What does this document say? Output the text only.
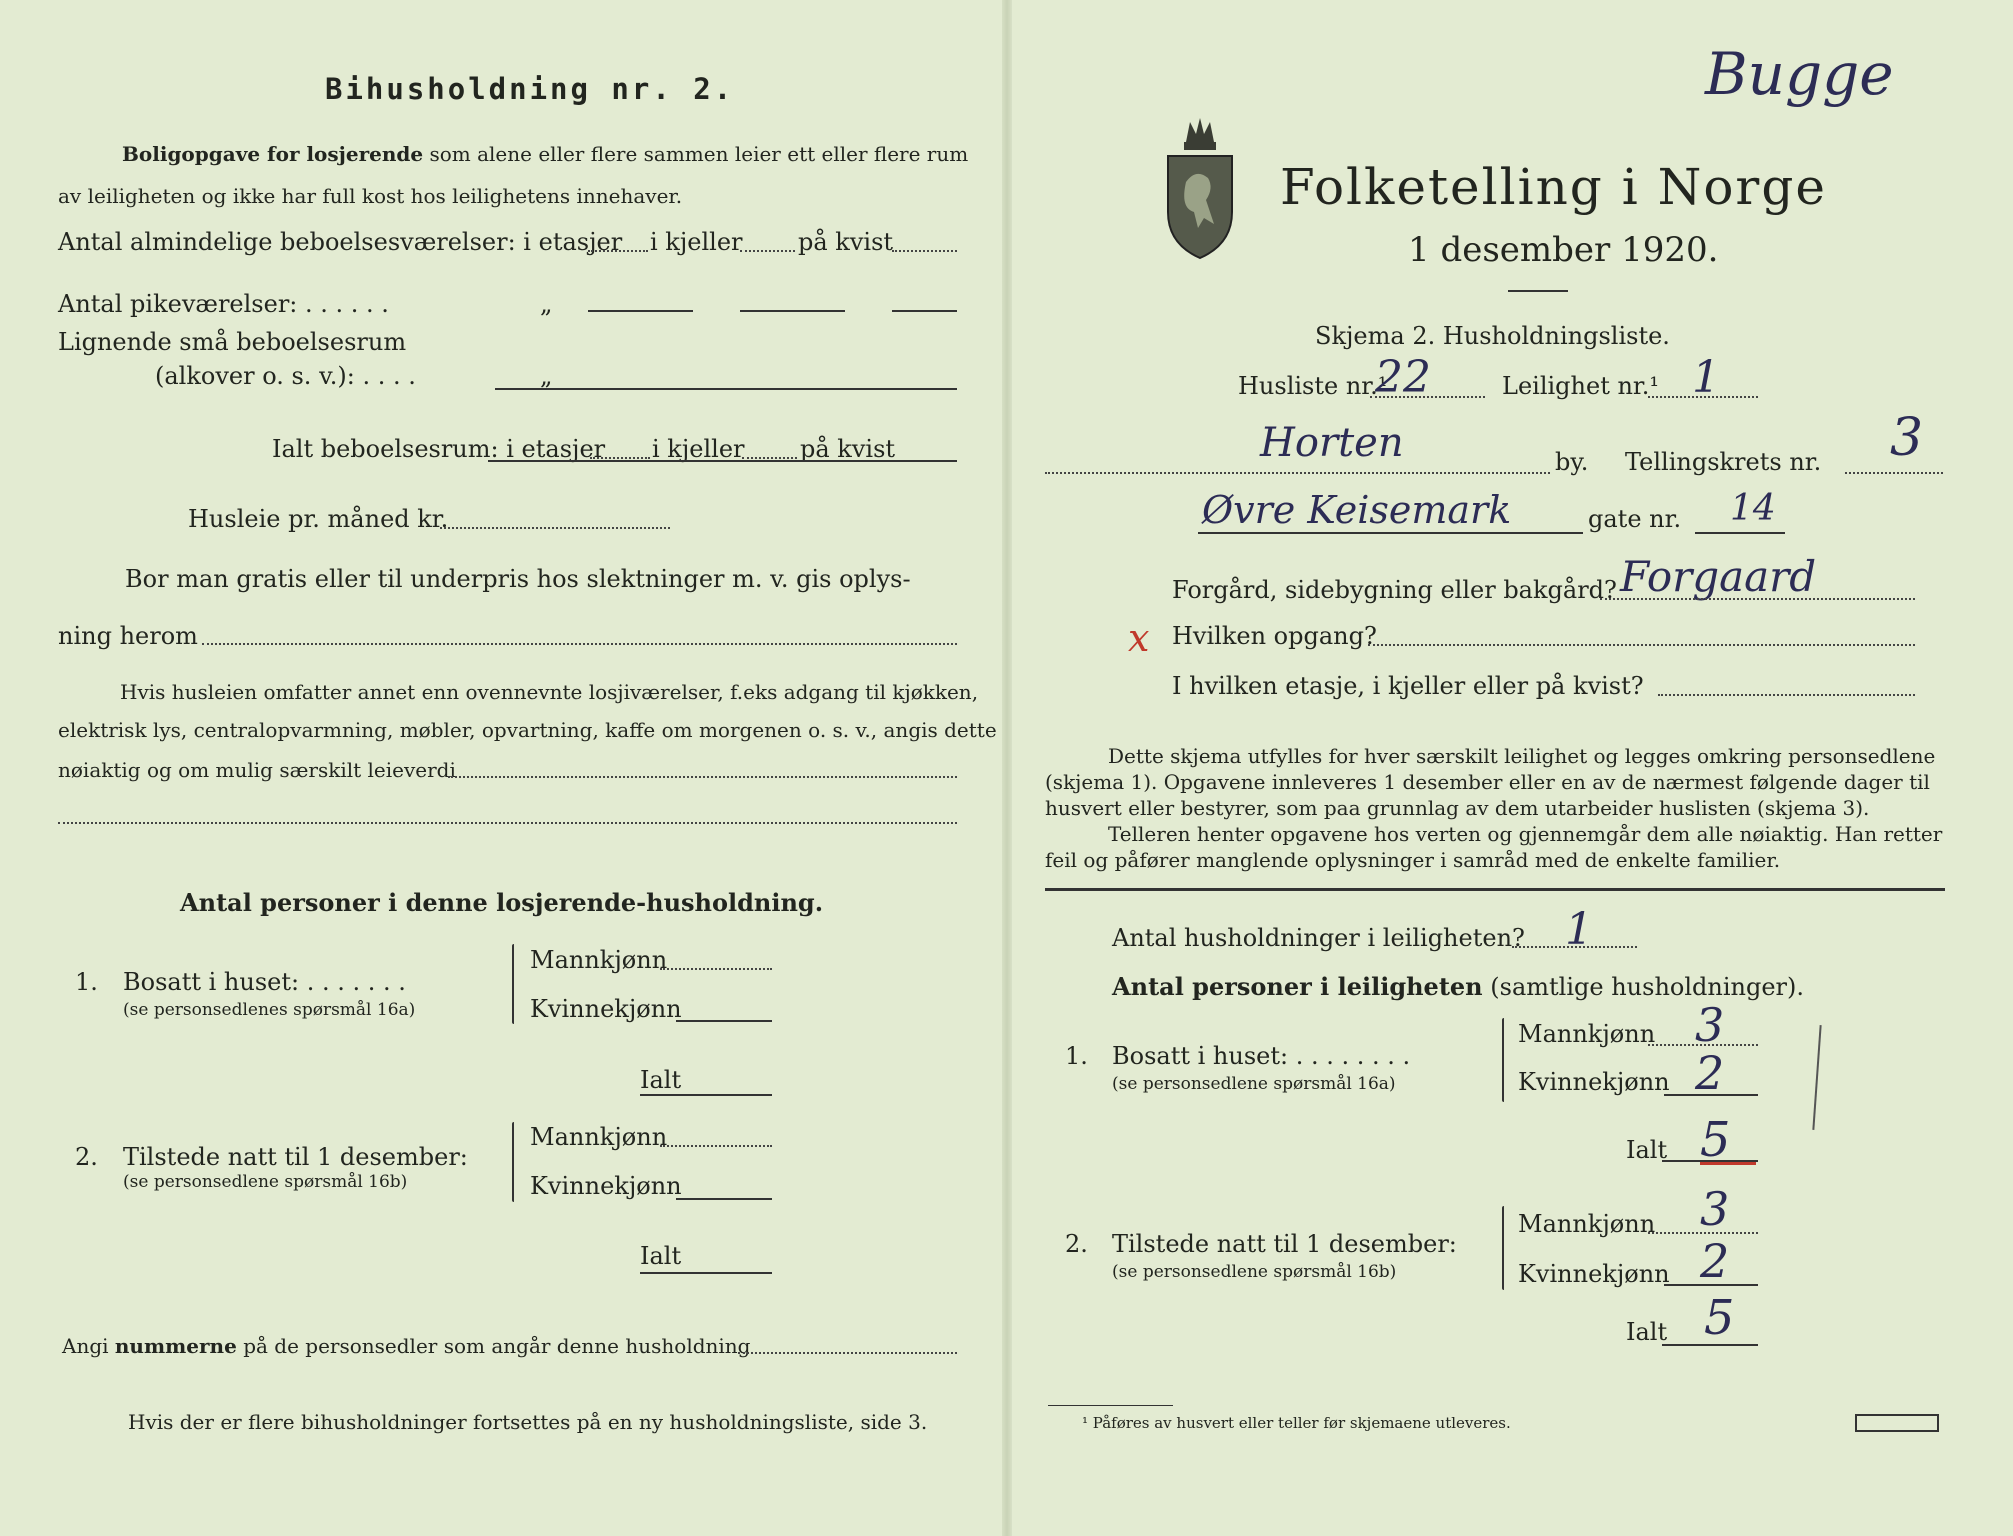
Bihusholdning nr. 2.
Boligopgave for losjerende som alene eller flere sammen leier ett eller flere rum
av leiligheten og ikke har full kost hos leilighetens innehaver.
Antal almindelige beboelsesværelser: i etasjer i kjeller på kvist
Antal pikeværelser: . . . . . .	„
Lignende små beboelsesrum
(alkover o. s. v.): . . . .	„
Ialt beboelsesrum: i etasjer i kjeller på kvist
Husleie pr. måned kr.
Bor man gratis eller til underpris hos slektninger m. v. gis oplys-
ning herom
Hvis husleien omfatter annet enn ovennevnte losjiværelser, f.eks adgang til kjøkken,
elektrisk lys, centralopvarmning, møbler, opvartning, kaffe om morgenen o. s. v., angis dette
nøiaktig og om mulig særskilt leieverdi
Antal personer i denne losjerende-husholdning.
1. Bosatt i huset: . . . . . . .
(se personsedlenes spørsmål 16a)
Mannkjønn
Kvinnekjønn
Ialt
2. Tilstede natt til 1 desember:
(se personsedlene spørsmål 16b)
Mannkjønn
Kvinnekjønn
Ialt
Angi nummerne på de personsedler som angår denne husholdning
Hvis der er flere bihusholdninger fortsettes på en ny husholdningsliste, side 3.
Bugge
Folketelling i Norge
1 desember 1920.
Skjema 2. Husholdningsliste.
Husliste nr.¹
22	Leilighet nr.¹ 1
Horten	by. Tellingskrets nr. 3
Øvre Keisemark	gate nr. 14
Forgård, sidebygning eller bakgård? Forgaard
x Hvilken opgang?
I hvilken etasje, i kjeller eller på kvist?
Dette skjema utfylles for hver særskilt leilighet og legges omkring personsedlene
(skjema 1). Opgavene innleveres 1 desember eller en av de nærmest følgende dager til
husvert eller bestyrer, som paa grunnlag av dem utarbeider huslisten (skjema 3).
Telleren henter opgavene hos verten og gjennemgår dem alle nøiaktig. Han retter
feil og påfører manglende oplysninger i samråd med de enkelte familier.
Antal husholdninger i leiligheten? 1
Antal personer i leiligheten (samtlige husholdninger).
1. Bosatt i huset: . . . . . . . .
(se personsedlene spørsmål 16a)
Mannkjønn 3
Kvinnekjønn 2
Ialt 5
2. Tilstede natt til 1 desember:
(se personsedlene spørsmål 16b)
Mannkjønn 3
Kvinnekjønn 2
Ialt 5
¹ Påføres av husvert eller teller før skjemaene utleveres.
